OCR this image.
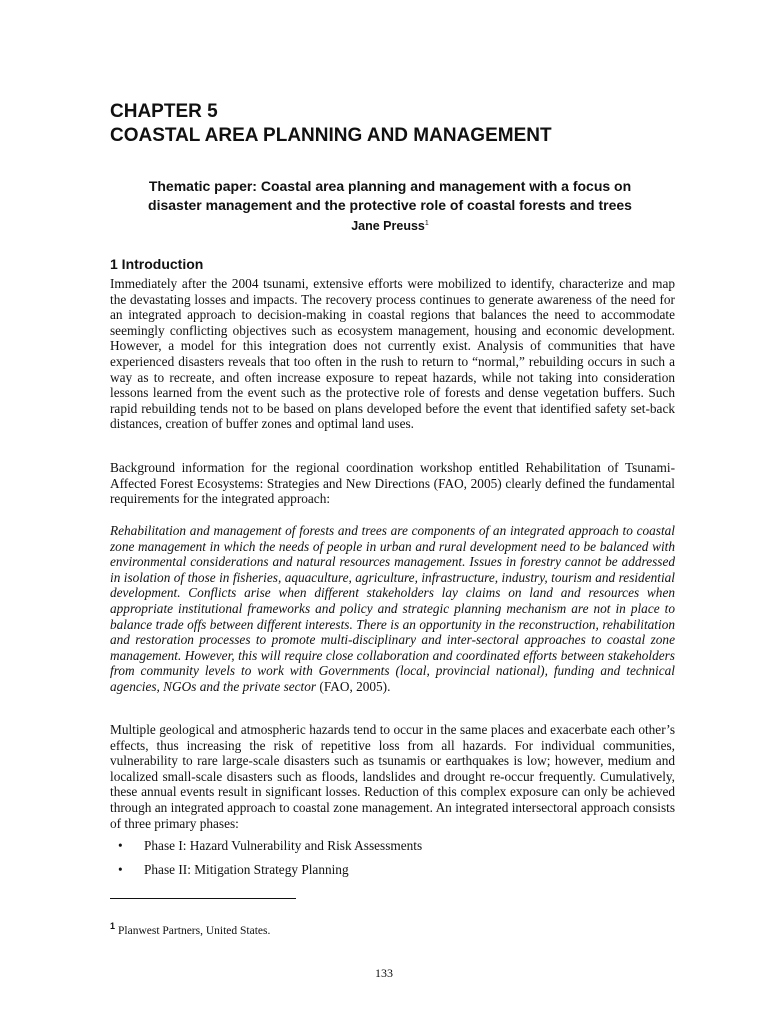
CHAPTER 5
COASTAL AREA PLANNING AND MANAGEMENT
Thematic paper: Coastal area planning and management with a focus on
disaster management and the protective role of coastal forests and trees
Jane Preuss$^1$
1 Introduction

Immediately after the 2004 tsunami, extensive efforts were mobilized to identify, characterize and map the devastating losses and impacts. The recovery process continues to generate awareness of the need for an integrated approach to decision-making in coastal regions that balances the need to accommodate seemingly conflicting objectives such as ecosystem management, housing and economic development. However, a model for this integration does not currently exist. Analysis of communities that have experienced disasters reveals that too often in the rush to return to “normal,” rebuilding occurs in such a way as to recreate, and often increase exposure to repeat hazards, while not taking into consideration lessons learned from the event such as the protective role of forests and dense vegetation buffers. Such rapid rebuilding tends not to be based on plans developed before the event that identified safety set-back distances, creation of buffer zones and optimal land uses.

Background information for the regional coordination workshop entitled Rehabilitation of Tsunami-Affected Forest Ecosystems: Strategies and New Directions (FAO, 2005) clearly defined the fundamental requirements for the integrated approach:

Rehabilitation and management of forests and trees are components of an integrated approach to coastal zone management in which the needs of people in urban and rural development need to be balanced with environmental considerations and natural resources management. Issues in forestry cannot be addressed in isolation of those in fisheries, aquaculture, agriculture, infrastructure, industry, tourism and residential development. Conflicts arise when different stakeholders lay claims on land and resources when appropriate institutional frameworks and policy and strategic planning mechanism are not in place to balance trade offs between different interests. There is an opportunity in the reconstruction, rehabilitation and restoration processes to promote multi-disciplinary and inter-sectoral approaches to coastal zone management. However, this will require close collaboration and coordinated efforts between stakeholders from community levels to work with Governments (local, provincial national), funding and technical agencies, NGOs and the private sector (FAO, 2005).

Multiple geological and atmospheric hazards tend to occur in the same places and exacerbate each other’s effects, thus increasing the risk of repetitive loss from all hazards. For individual communities, vulnerability to rare large-scale disasters such as tsunamis or earthquakes is low; however, medium and localized small-scale disasters such as floods, landslides and drought re-occur frequently. Cumulatively, these annual events result in significant losses. Reduction of this complex exposure can only be achieved through an integrated approach to coastal zone management. An integrated intersectoral approach consists of three primary phases:

• Phase I: Hazard Vulnerability and Risk Assessments
• Phase II: Mitigation Strategy Planning
$^1$ Planwest Partners, United States.
133
